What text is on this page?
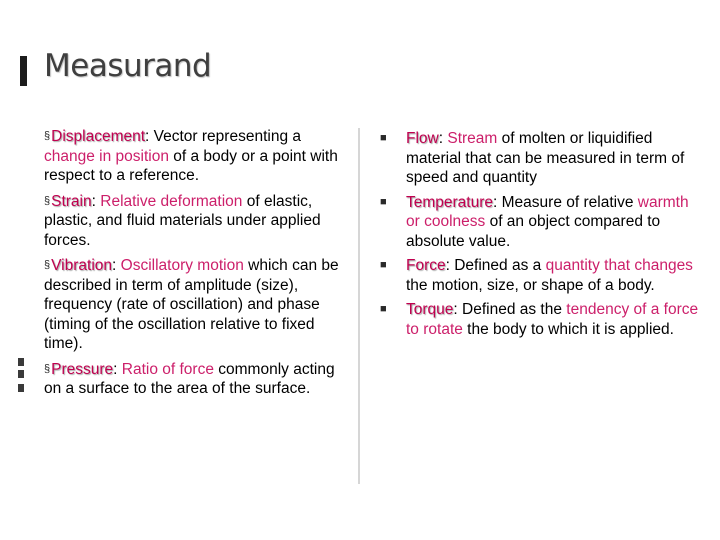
Measurand

§Displacement: Vector representing a change in position of a body or a point with respect to a reference.

§Strain: Relative deformation of elastic, plastic, and fluid materials under applied forces.

§Vibration: Oscillatory motion which can be described in term of amplitude (size), frequency (rate of oscillation) and phase (timing of the oscillation relative to fixed time).

§Pressure: Ratio of force commonly acting on a surface to the area of the surface.

■ Flow: Stream of molten or liquidified material that can be measured in term of speed and quantity
■ Temperature: Measure of relative warmth or coolness of an object compared to absolute value.
■ Force: Defined as a quantity that changes the motion, size, or shape of a body.
■ Torque: Defined as the tendency of a force to rotate the body to which it is applied.
